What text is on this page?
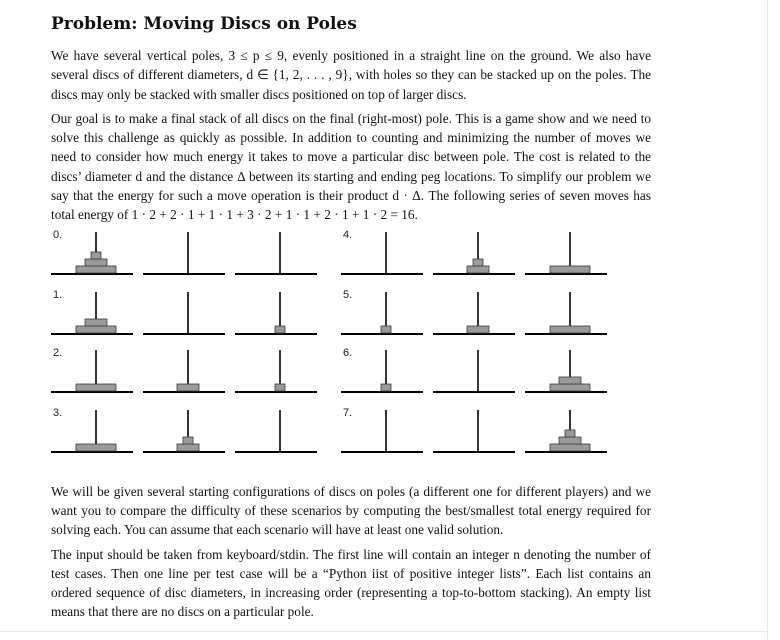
Problem: Moving Discs on Poles

We have several vertical poles, 3 ≤ p ≤ 9, evenly positioned in a straight line on the ground. We also have several discs of different diameters, d ∈ {1, 2, . . . , 9}, with holes so they can be stacked up on the poles. The discs may only be stacked with smaller discs positioned on top of larger discs.

Our goal is to make a final stack of all discs on the final (right-most) pole. This is a game show and we need to solve this challenge as quickly as possible. In addition to counting and minimizing the number of moves we need to consider how much energy it takes to move a particular disc between pole. The cost is related to the discs’ diameter d and the distance Δ between its starting and ending peg locations. To simplify our problem we say that the energy for such a move operation is their product d · Δ. The following series of seven moves has total energy of 1 · 2 + 2 · 1 + 1 · 1 + 3 · 2 + 1 · 1 + 2 · 1 + 1 · 2 = 16.

0.
1.
2.
3.
4.
5.
6.
7.

We will be given several starting configurations of discs on poles (a different one for different players) and we want you to compare the difficulty of these scenarios by computing the best/smallest total energy required for solving each. You can assume that each scenario will have at least one valid solution.

The input should be taken from keyboard/stdin. The first line will contain an integer n denoting the number of test cases. Then one line per test case will be a “Python iist of positive integer lists”. Each list contains an ordered sequence of disc diameters, in increasing order (representing a top-to-bottom stacking). An empty list means that there are no discs on a particular pole.
